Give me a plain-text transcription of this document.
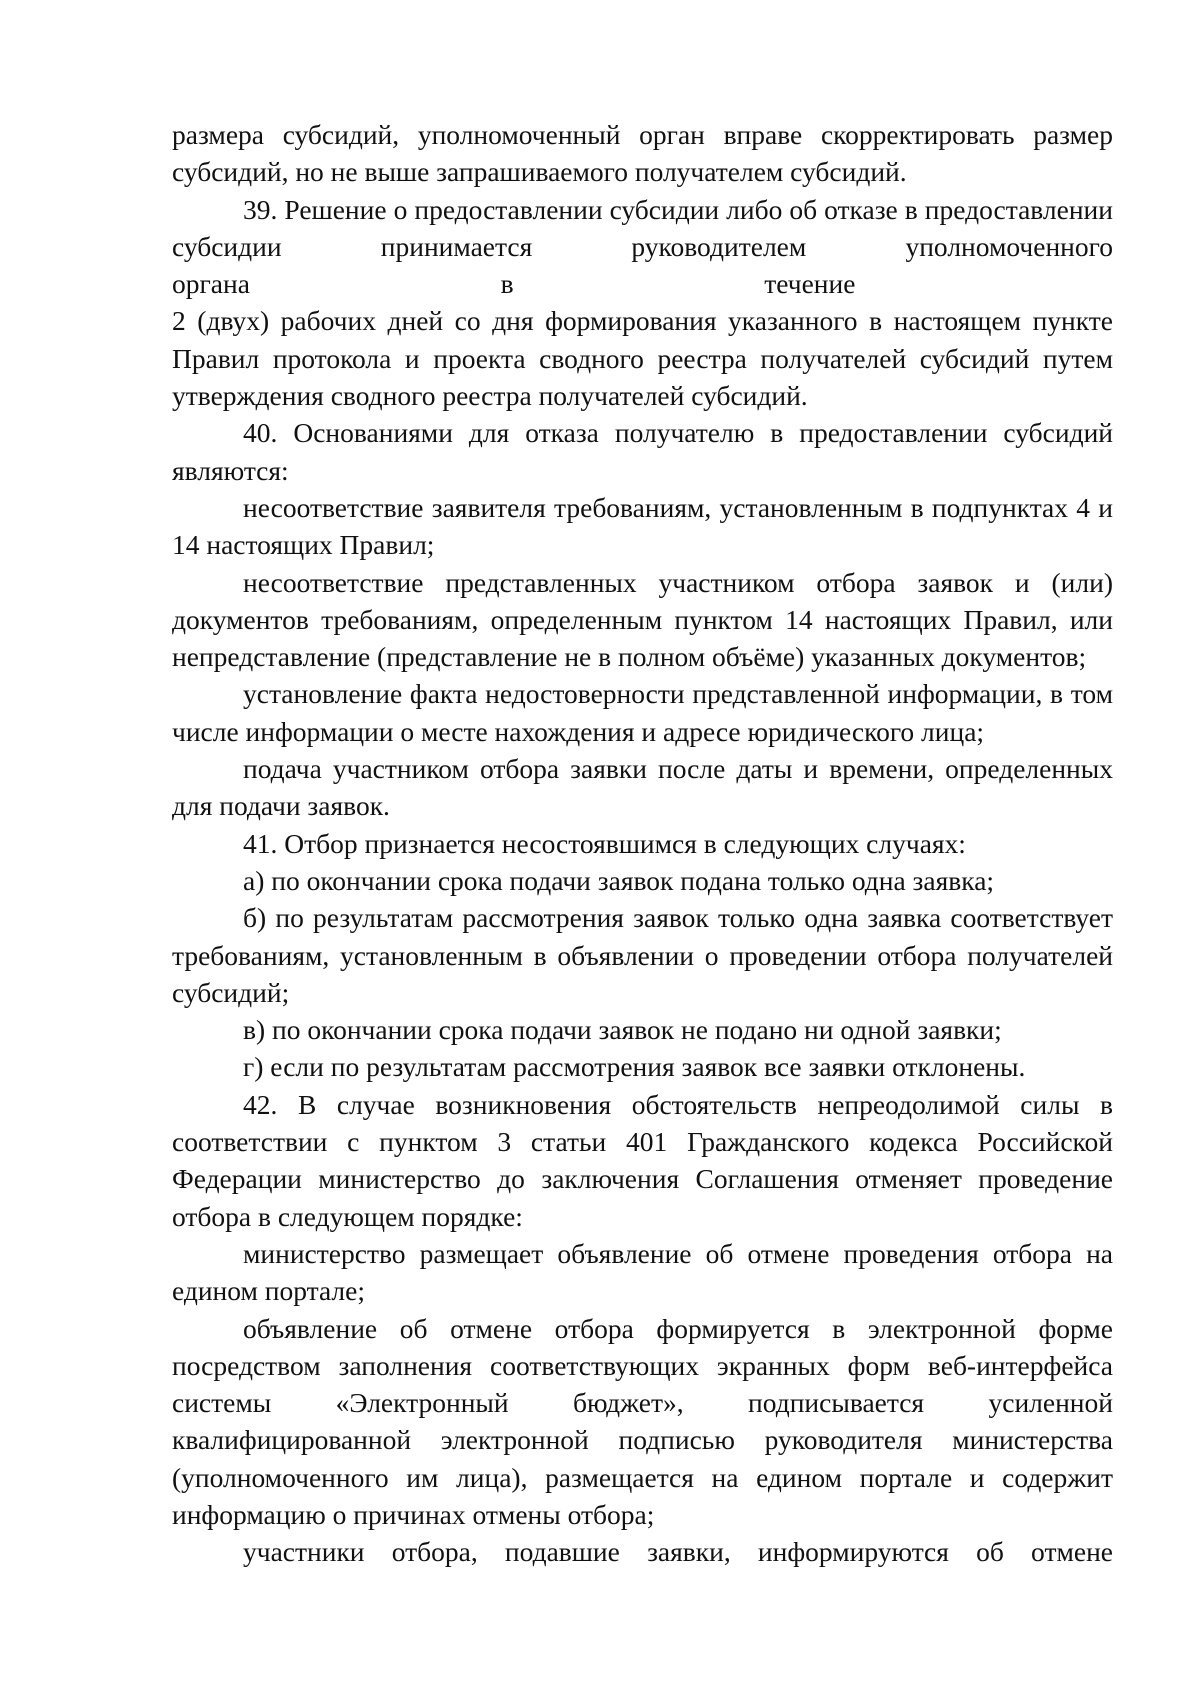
размера субсидий, уполномоченный орган вправе скорректировать размер субсидий, но не выше запрашиваемого получателем субсидий.

39. Решение о предоставлении субсидии либо об отказе в предоставлении субсидии принимается руководителем уполномоченного

органа	в	течение

2 (двух) рабочих дней со дня формирования указанного в настоящем пункте Правил протокола и проекта сводного реестра получателей субсидий путем утверждения сводного реестра получателей субсидий.

40. Основаниями для отказа получателю в предоставлении субсидий являются:

несоответствие заявителя требованиям, установленным в подпунктах 4 и 14 настоящих Правил;

несоответствие представленных участником отбора заявок и (или) документов требованиям, определенным пунктом 14 настоящих Правил, или непредставление (представление не в полном объёме) указанных документов;

установление факта недостоверности представленной информации, в том числе информации о месте нахождения и адресе юридического лица;

подача участником отбора заявки после даты и времени, определенных для подачи заявок.

41. Отбор признается несостоявшимся в следующих случаях:

а) по окончании срока подачи заявок подана только одна заявка;

б) по результатам рассмотрения заявок только одна заявка соответствует требованиям, установленным в объявлении о проведении отбора получателей субсидий;

в) по окончании срока подачи заявок не подано ни одной заявки;

г) если по результатам рассмотрения заявок все заявки отклонены.

42. В случае возникновения обстоятельств непреодолимой силы в соответствии с пунктом 3 статьи 401 Гражданского кодекса Российской Федерации министерство до заключения Соглашения отменяет проведение отбора в следующем порядке:

министерство размещает объявление об отмене проведения отбора на едином портале;

объявление об отмене отбора формируется в электронной форме посредством заполнения соответствующих экранных форм веб-интерфейса системы «Электронный бюджет», подписывается усиленной квалифицированной электронной подписью руководителя министерства (уполномоченного им лица), размещается на едином портале и содержит информацию о причинах отмены отбора;

участники отбора, подавшие заявки, информируются об отмене
